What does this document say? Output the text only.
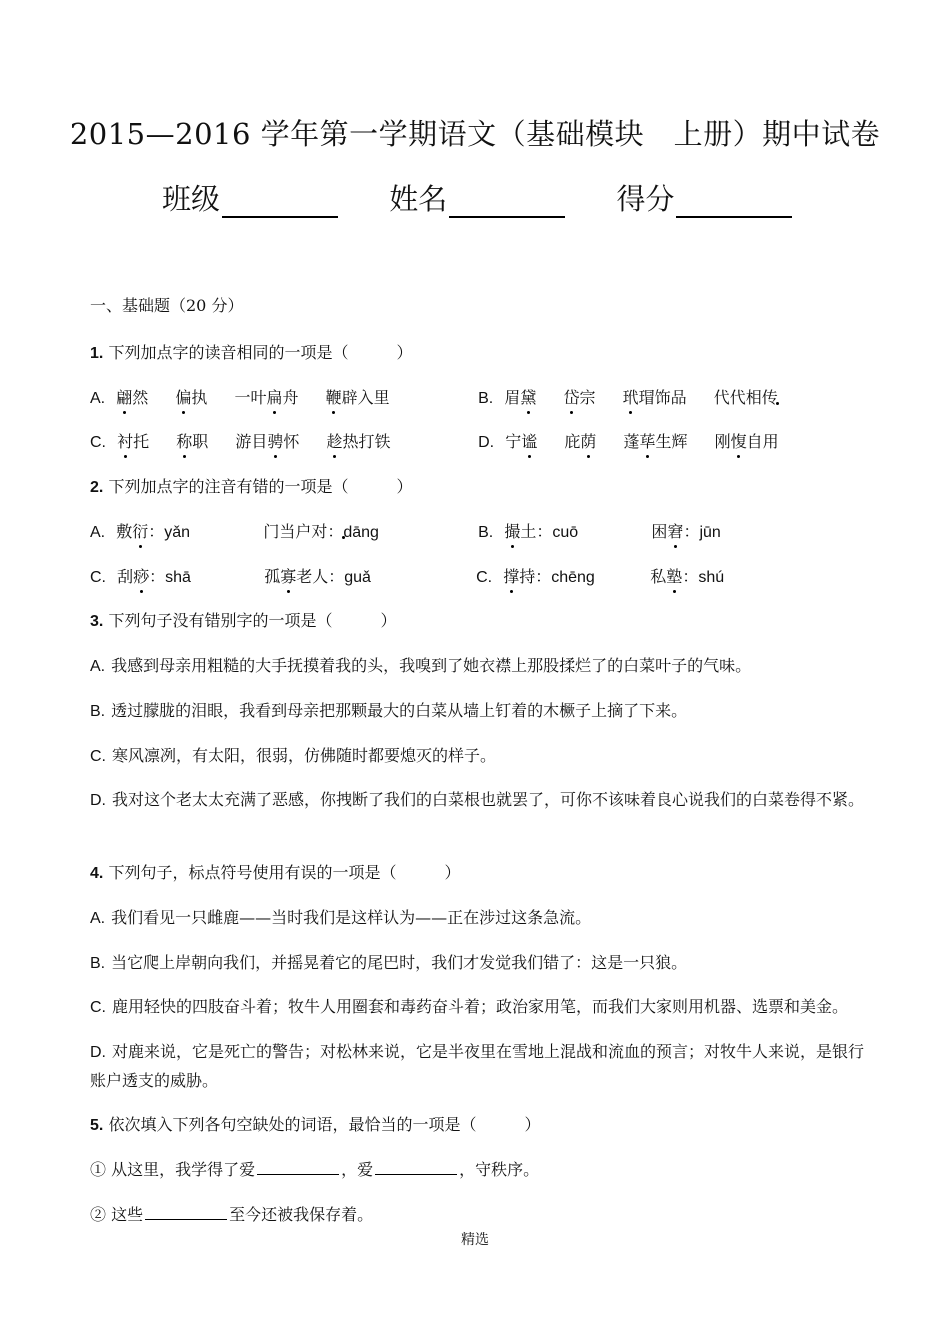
2015—2016 学年第一学期语文（基础模块　上册）期中试卷
班级	姓名	得分
一、基础题（20 分）
1. 下列加点字的读音相同的一项是（	）
A. 翩然 偏执 一叶扁舟 鞭辟入里	B. 眉黛 岱宗 玳瑁饰品 代代相传
C. 衬托 称职 游目骋怀 趁热打铁	D. 宁谧 庇荫 蓬荜生辉 刚愎自用
2. 下列加点字的注音有错的一项是（	）
A. 敷衍：yǎn	门当户对：dāng	B. 撮土：cuō	困窘：jūn
C. 刮痧：shā	孤寡老人：guǎ	C. 撑持：chēng	私塾：shú
3. 下列句子没有错别字的一项是（	）
A. 我感到母亲用粗糙的大手抚摸着我的头，我嗅到了她衣襟上那股揉烂了的白菜叶子的气味。
B. 透过朦胧的泪眼，我看到母亲把那颗最大的白菜从墙上钉着的木橛子上摘了下来。
C. 寒风凛冽，有太阳，很弱，仿佛随时都要熄灭的样子。
D. 我对这个老太太充满了恶感，你拽断了我们的白菜根也就罢了，可你不该味着良心说我们的白菜卷得不紧。
4. 下列句子，标点符号使用有误的一项是（	）
A. 我们看见一只雌鹿——当时我们是这样认为——正在涉过这条急流。
B. 当它爬上岸朝向我们，并摇晃着它的尾巴时，我们才发觉我们错了：这是一只狼。
C. 鹿用轻快的四肢奋斗着；牧牛人用圈套和毒药奋斗着；政治家用笔，而我们大家则用机器、选票和美金。
D. 对鹿来说，它是死亡的警告；对松林来说，它是半夜里在雪地上混战和流血的预言；对牧牛人来说，是银行账户透支的威胁。
5. 依次填入下列各句空缺处的词语，最恰当的一项是（	）
① 从这里，我学得了爱	，爱	，守秩序。
② 这些	至今还被我保存着。
精选
